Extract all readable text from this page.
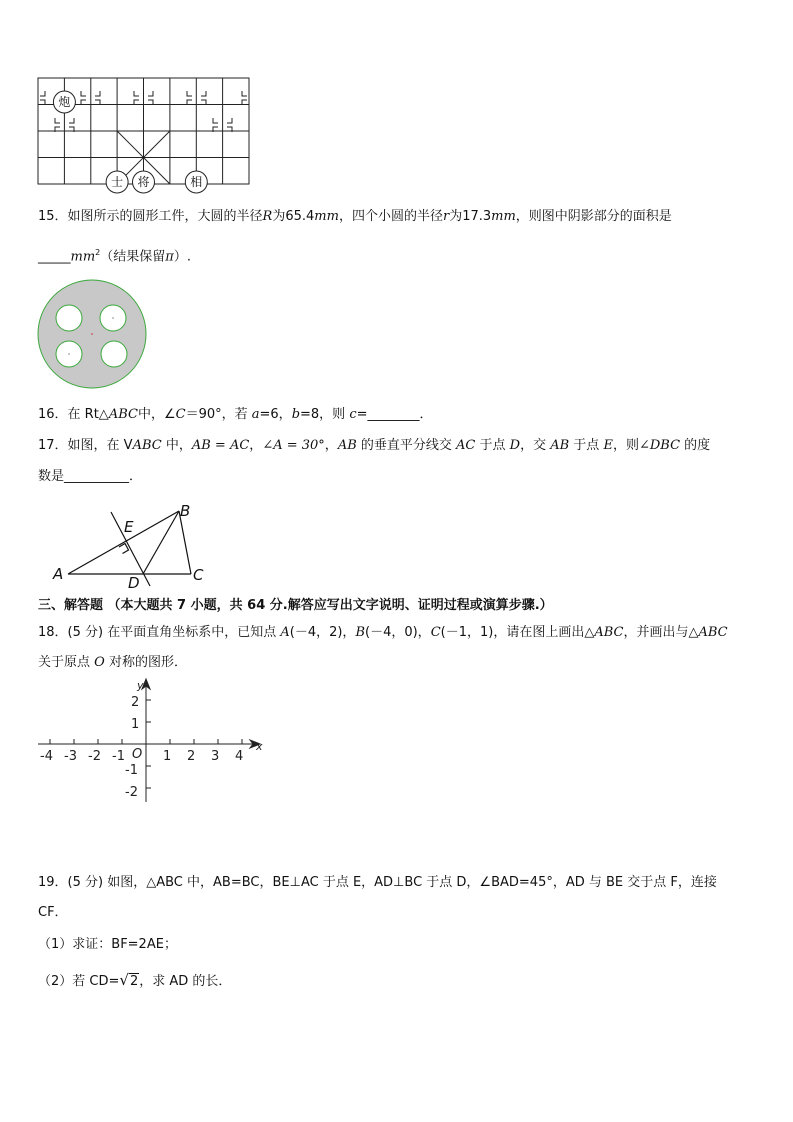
炮
士 将	相
15．如图所示的圆形工件，大圆的半径R为65.4mm，四个小圆的半径r为17.3mm，则图中阴影部分的面积是
$\_\_\_\_\_mm^2$（结果保留π）.
16．在 Rt△ABC中，∠C＝90°，若 a=6，b=8，则 c=________．
17．如图，在 VABC 中，AB = AC，∠A = 30°，AB 的垂直平分线交 AC 于点 D，交 AB 于点 E，则∠DBC 的度
数是__________．
A
B
C
D
E
三、解答题 （本大题共 7 小题，共 64 分.解答应写出文字说明、证明过程或演算步骤.）
18．(5 分) 在平面直角坐标系中，已知点 A(－4，2)，B(－4，0)，C(－1，1)，请在图上画出△ABC，并画出与△ABC
关于原点 O 对称的图形．
y
x
O
-4 -3 -2 -1	1 2 3 4
2
1
-1
-2
19．(5 分) 如图，△ABC 中，AB=BC，BE⊥AC 于点 E，AD⊥BC 于点 D，∠BAD=45°，AD 与 BE 交于点 F，连接
CF．
（1）求证：BF=2AE；
（2）若 CD=√2，求 AD 的长．
